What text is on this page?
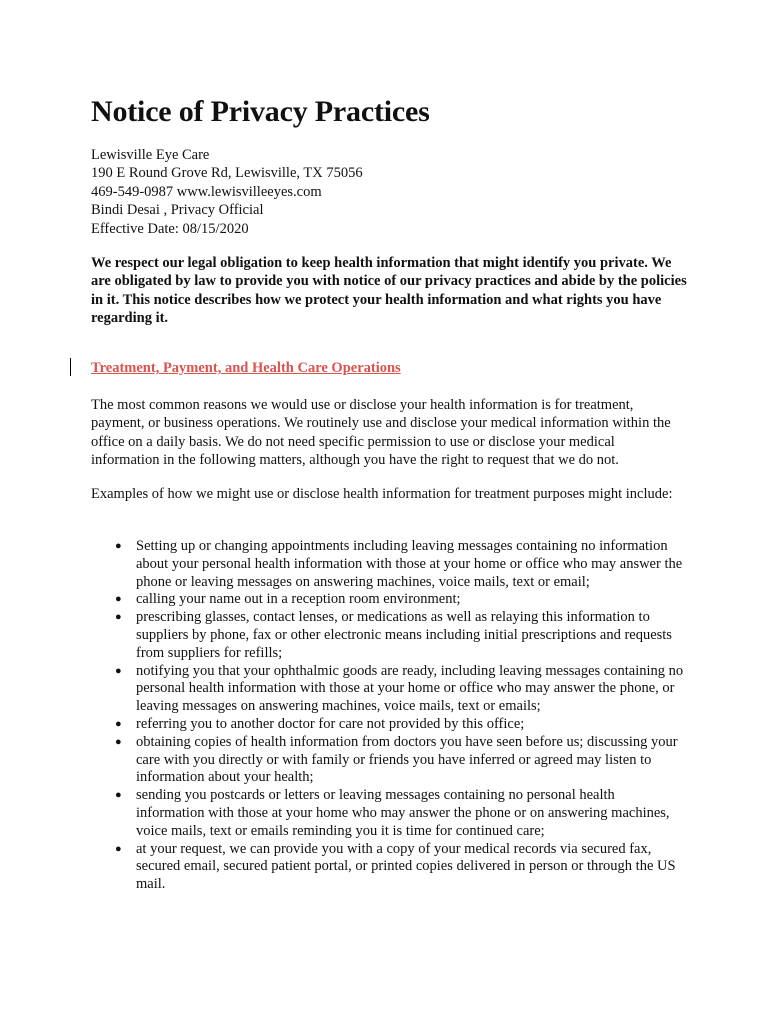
Notice of Privacy Practices
Lewisville Eye Care
190 E Round Grove Rd, Lewisville, TX 75056
469-549-0987 www.lewisvilleeyes.com
Bindi Desai , Privacy Official
Effective Date: 08/15/2020

We respect our legal obligation to keep health information that might identify you private. We are obligated by law to provide you with notice of our privacy practices and abide by the policies in it. This notice describes how we protect your health information and what rights you have regarding it.

Treatment, Payment, and Health Care Operations

The most common reasons we would use or disclose your health information is for treatment, payment, or business operations. We routinely use and disclose your medical information within the office on a daily basis. We do not need specific permission to use or disclose your medical information in the following matters, although you have the right to request that we do not.

Examples of how we might use or disclose health information for treatment purposes might include:

● Setting up or changing appointments including leaving messages containing no information about your personal health information with those at your home or office who may answer the phone or leaving messages on answering machines, voice mails, text or email;
● calling your name out in a reception room environment;
● prescribing glasses, contact lenses, or medications as well as relaying this information to suppliers by phone, fax or other electronic means including initial prescriptions and requests from suppliers for refills;
● notifying you that your ophthalmic goods are ready, including leaving messages containing no personal health information with those at your home or office who may answer the phone, or leaving messages on answering machines, voice mails, text or emails;
● referring you to another doctor for care not provided by this office;
● obtaining copies of health information from doctors you have seen before us; discussing your care with you directly or with family or friends you have inferred or agreed may listen to information about your health;
● sending you postcards or letters or leaving messages containing no personal health information with those at your home who may answer the phone or on answering machines, voice mails, text or emails reminding you it is time for continued care;
● at your request, we can provide you with a copy of your medical records via secured fax, secured email, secured patient portal, or printed copies delivered in person or through the US mail.
